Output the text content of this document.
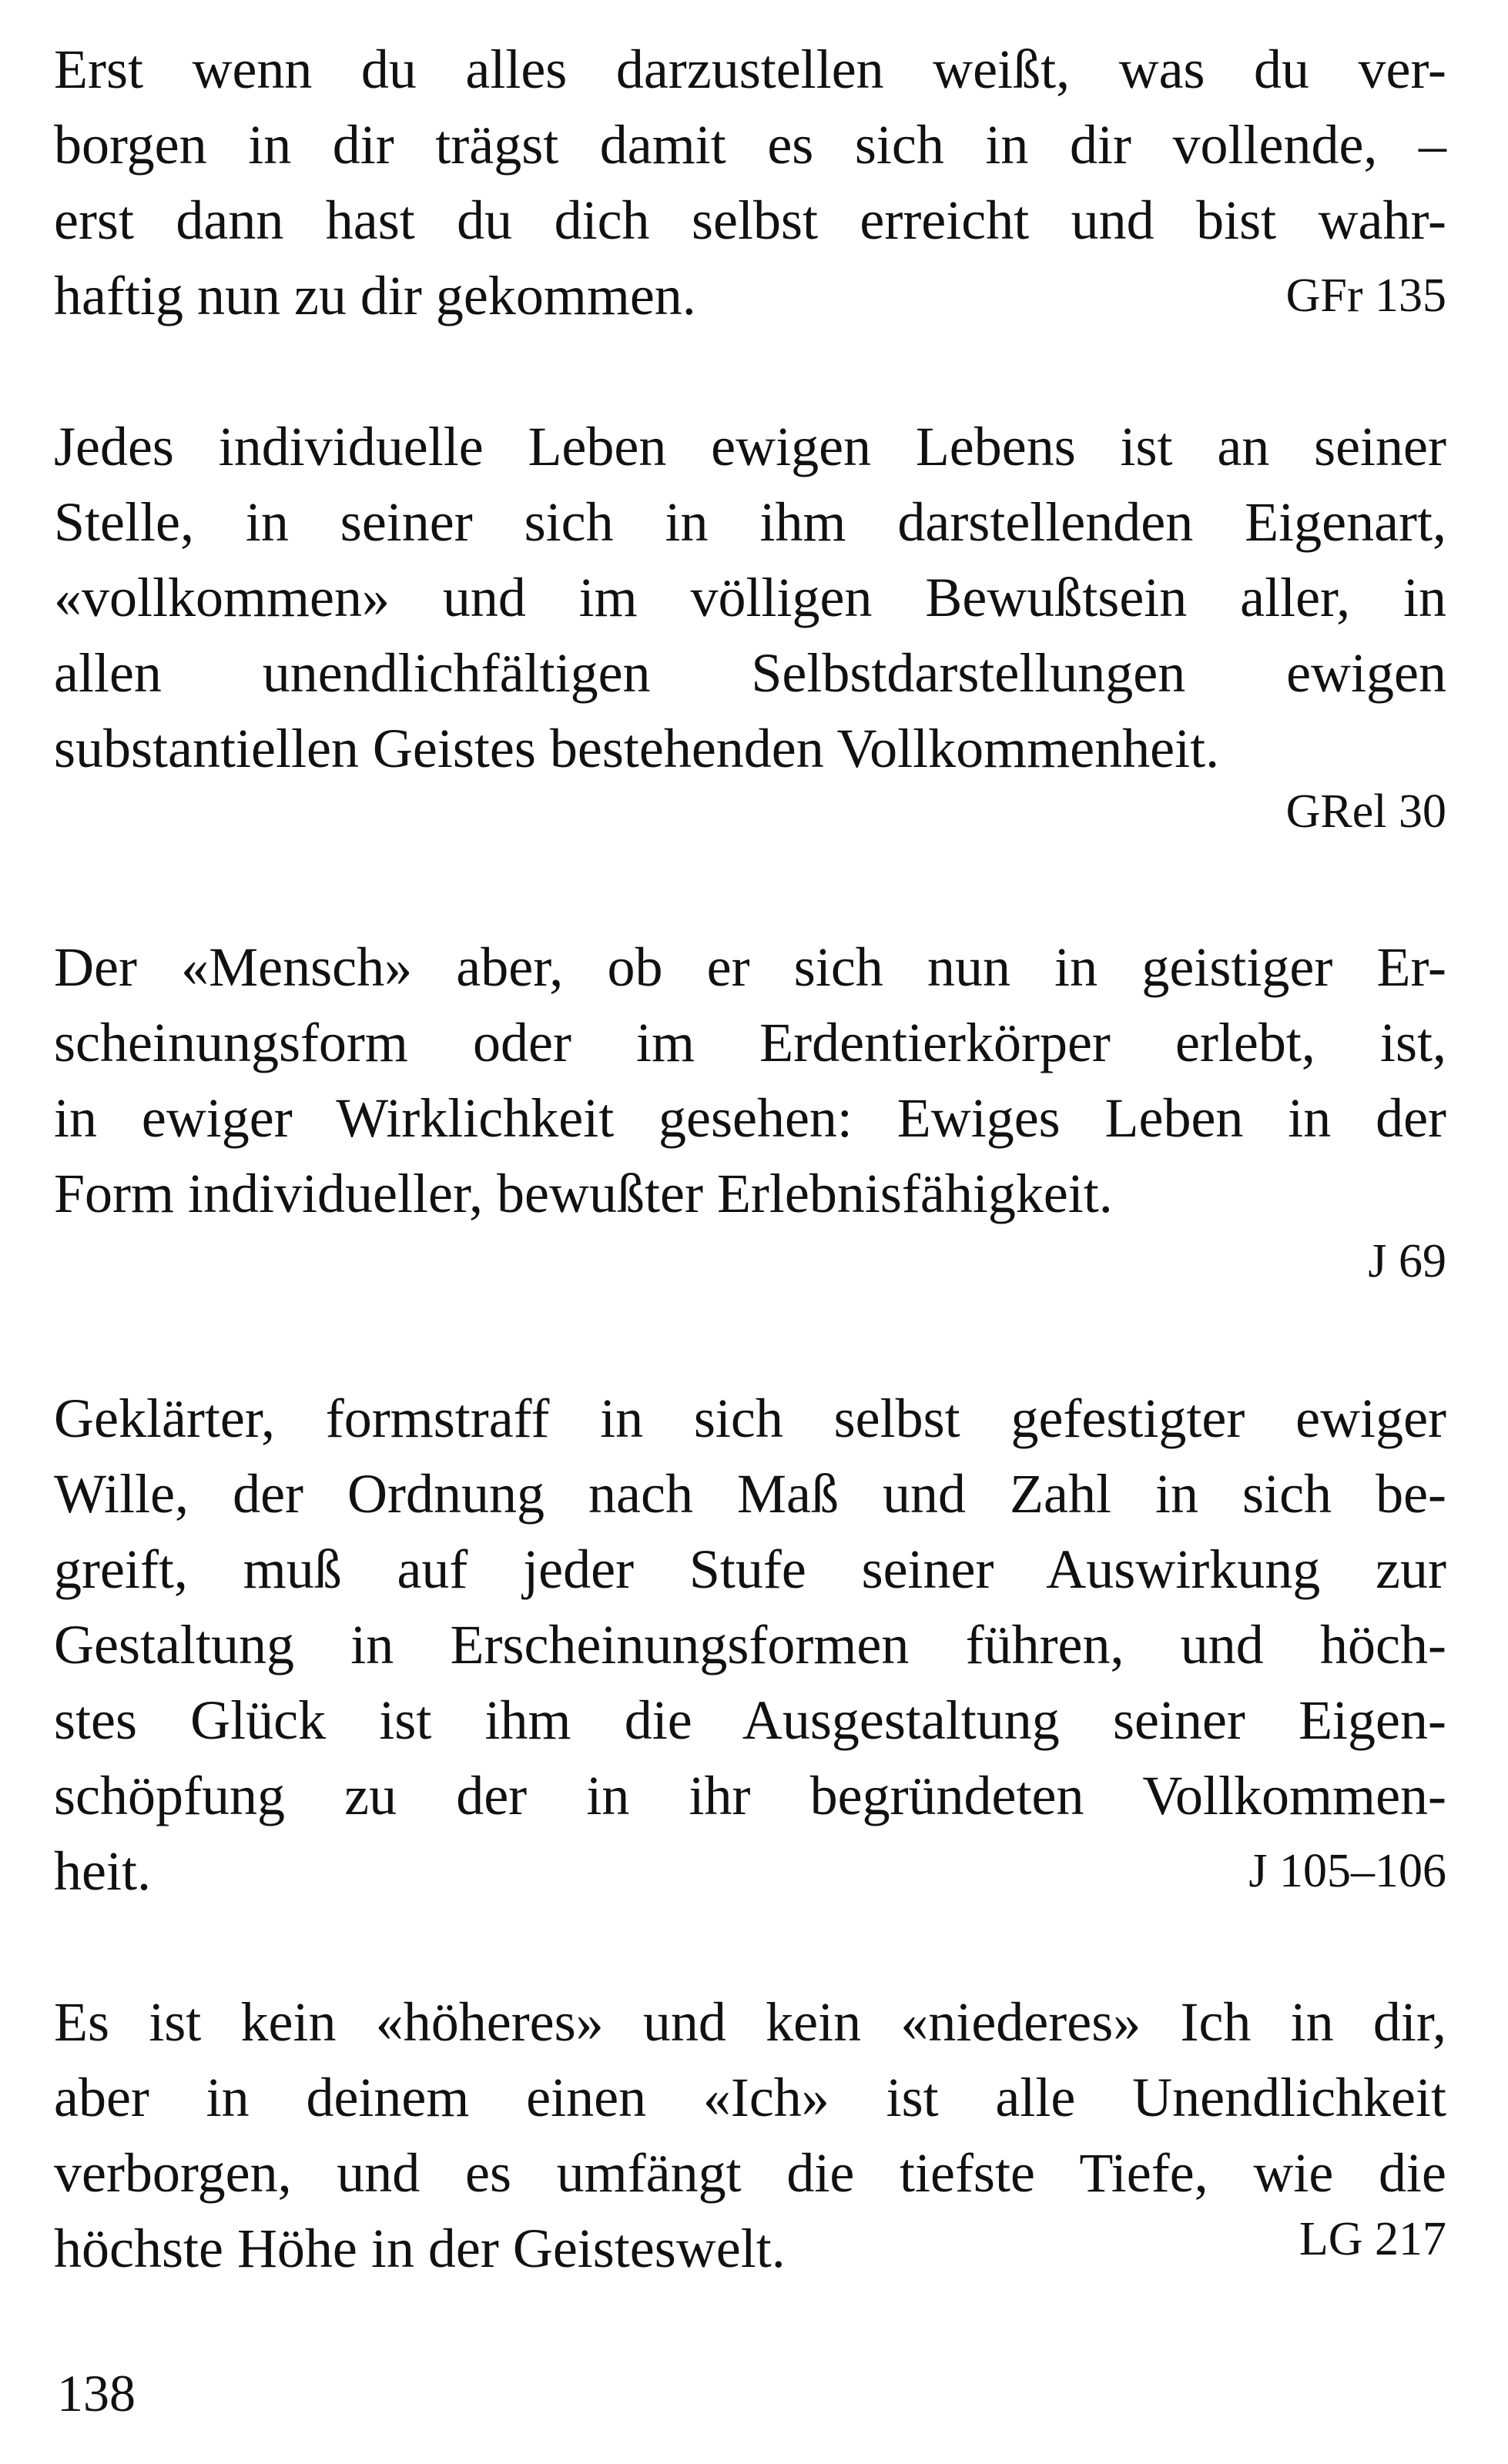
Erst wenn du alles darzustellen weißt, was du ver-

borgen in dir trägst damit es sich in dir vollende, –

erst dann hast du dich selbst erreicht und bist wahr-

haftig nun zu dir gekommen.	GFr 135

Jedes individuelle Leben ewigen Lebens ist an seiner

Stelle, in seiner sich in ihm darstellenden Eigenart,

«vollkommen» und im völligen Bewußtsein aller, in

allen unendlichfältigen Selbstdarstellungen ewigen

substantiellen Geistes bestehenden Vollkommenheit.

GRel 30

Der «Mensch» aber, ob er sich nun in geistiger Er-

scheinungsform oder im Erdentierkörper erlebt, ist,

in ewiger Wirklichkeit gesehen: Ewiges Leben in der

Form individueller, bewußter Erlebnisfähigkeit.

J 69

Geklärter, formstraff in sich selbst gefestigter ewiger

Wille, der Ordnung nach Maß und Zahl in sich be-

greift, muß auf jeder Stufe seiner Auswirkung zur

Gestaltung in Erscheinungsformen führen, und höch-

stes Glück ist ihm die Ausgestaltung seiner Eigen-

schöpfung zu der in ihr begründeten Vollkommen-

heit.	J 105–106

Es ist kein «höheres» und kein «niederes» Ich in dir,

aber in deinem einen «Ich» ist alle Unendlichkeit

verborgen, und es umfängt die tiefste Tiefe, wie die

höchste Höhe in der Geisteswelt.	LG 217
138
